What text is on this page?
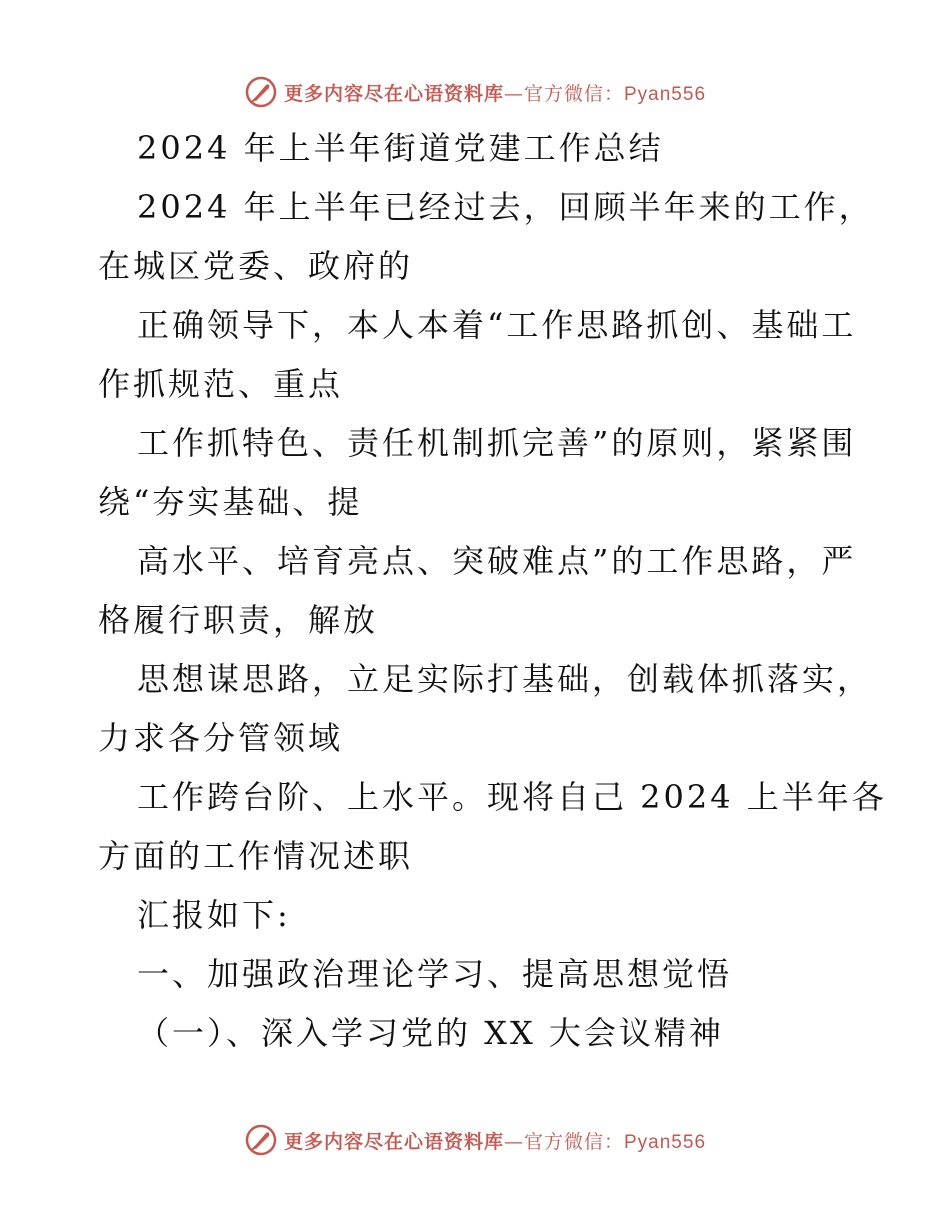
更多内容尽在心语资料库—官方微信：Pyan556
2024 年上半年街道党建工作总结
2024 年上半年已经过去，回顾半年来的工作，
在城区党委、政府的
正确领导下，本人本着“工作思路抓创、基础工
作抓规范、重点
工作抓特色、责任机制抓完善”的原则，紧紧围
绕“夯实基础、提
高水平、培育亮点、突破难点”的工作思路，严
格履行职责，解放
思想谋思路，立足实际打基础，创载体抓落实，
力求各分管领域
工作跨台阶、上水平。现将自己 2024 上半年各
方面的工作情况述职
汇报如下:
一、加强政治理论学习、提高思想觉悟
（一）、深入学习党的 XX 大会议精神
更多内容尽在心语资料库—官方微信：Pyan556
